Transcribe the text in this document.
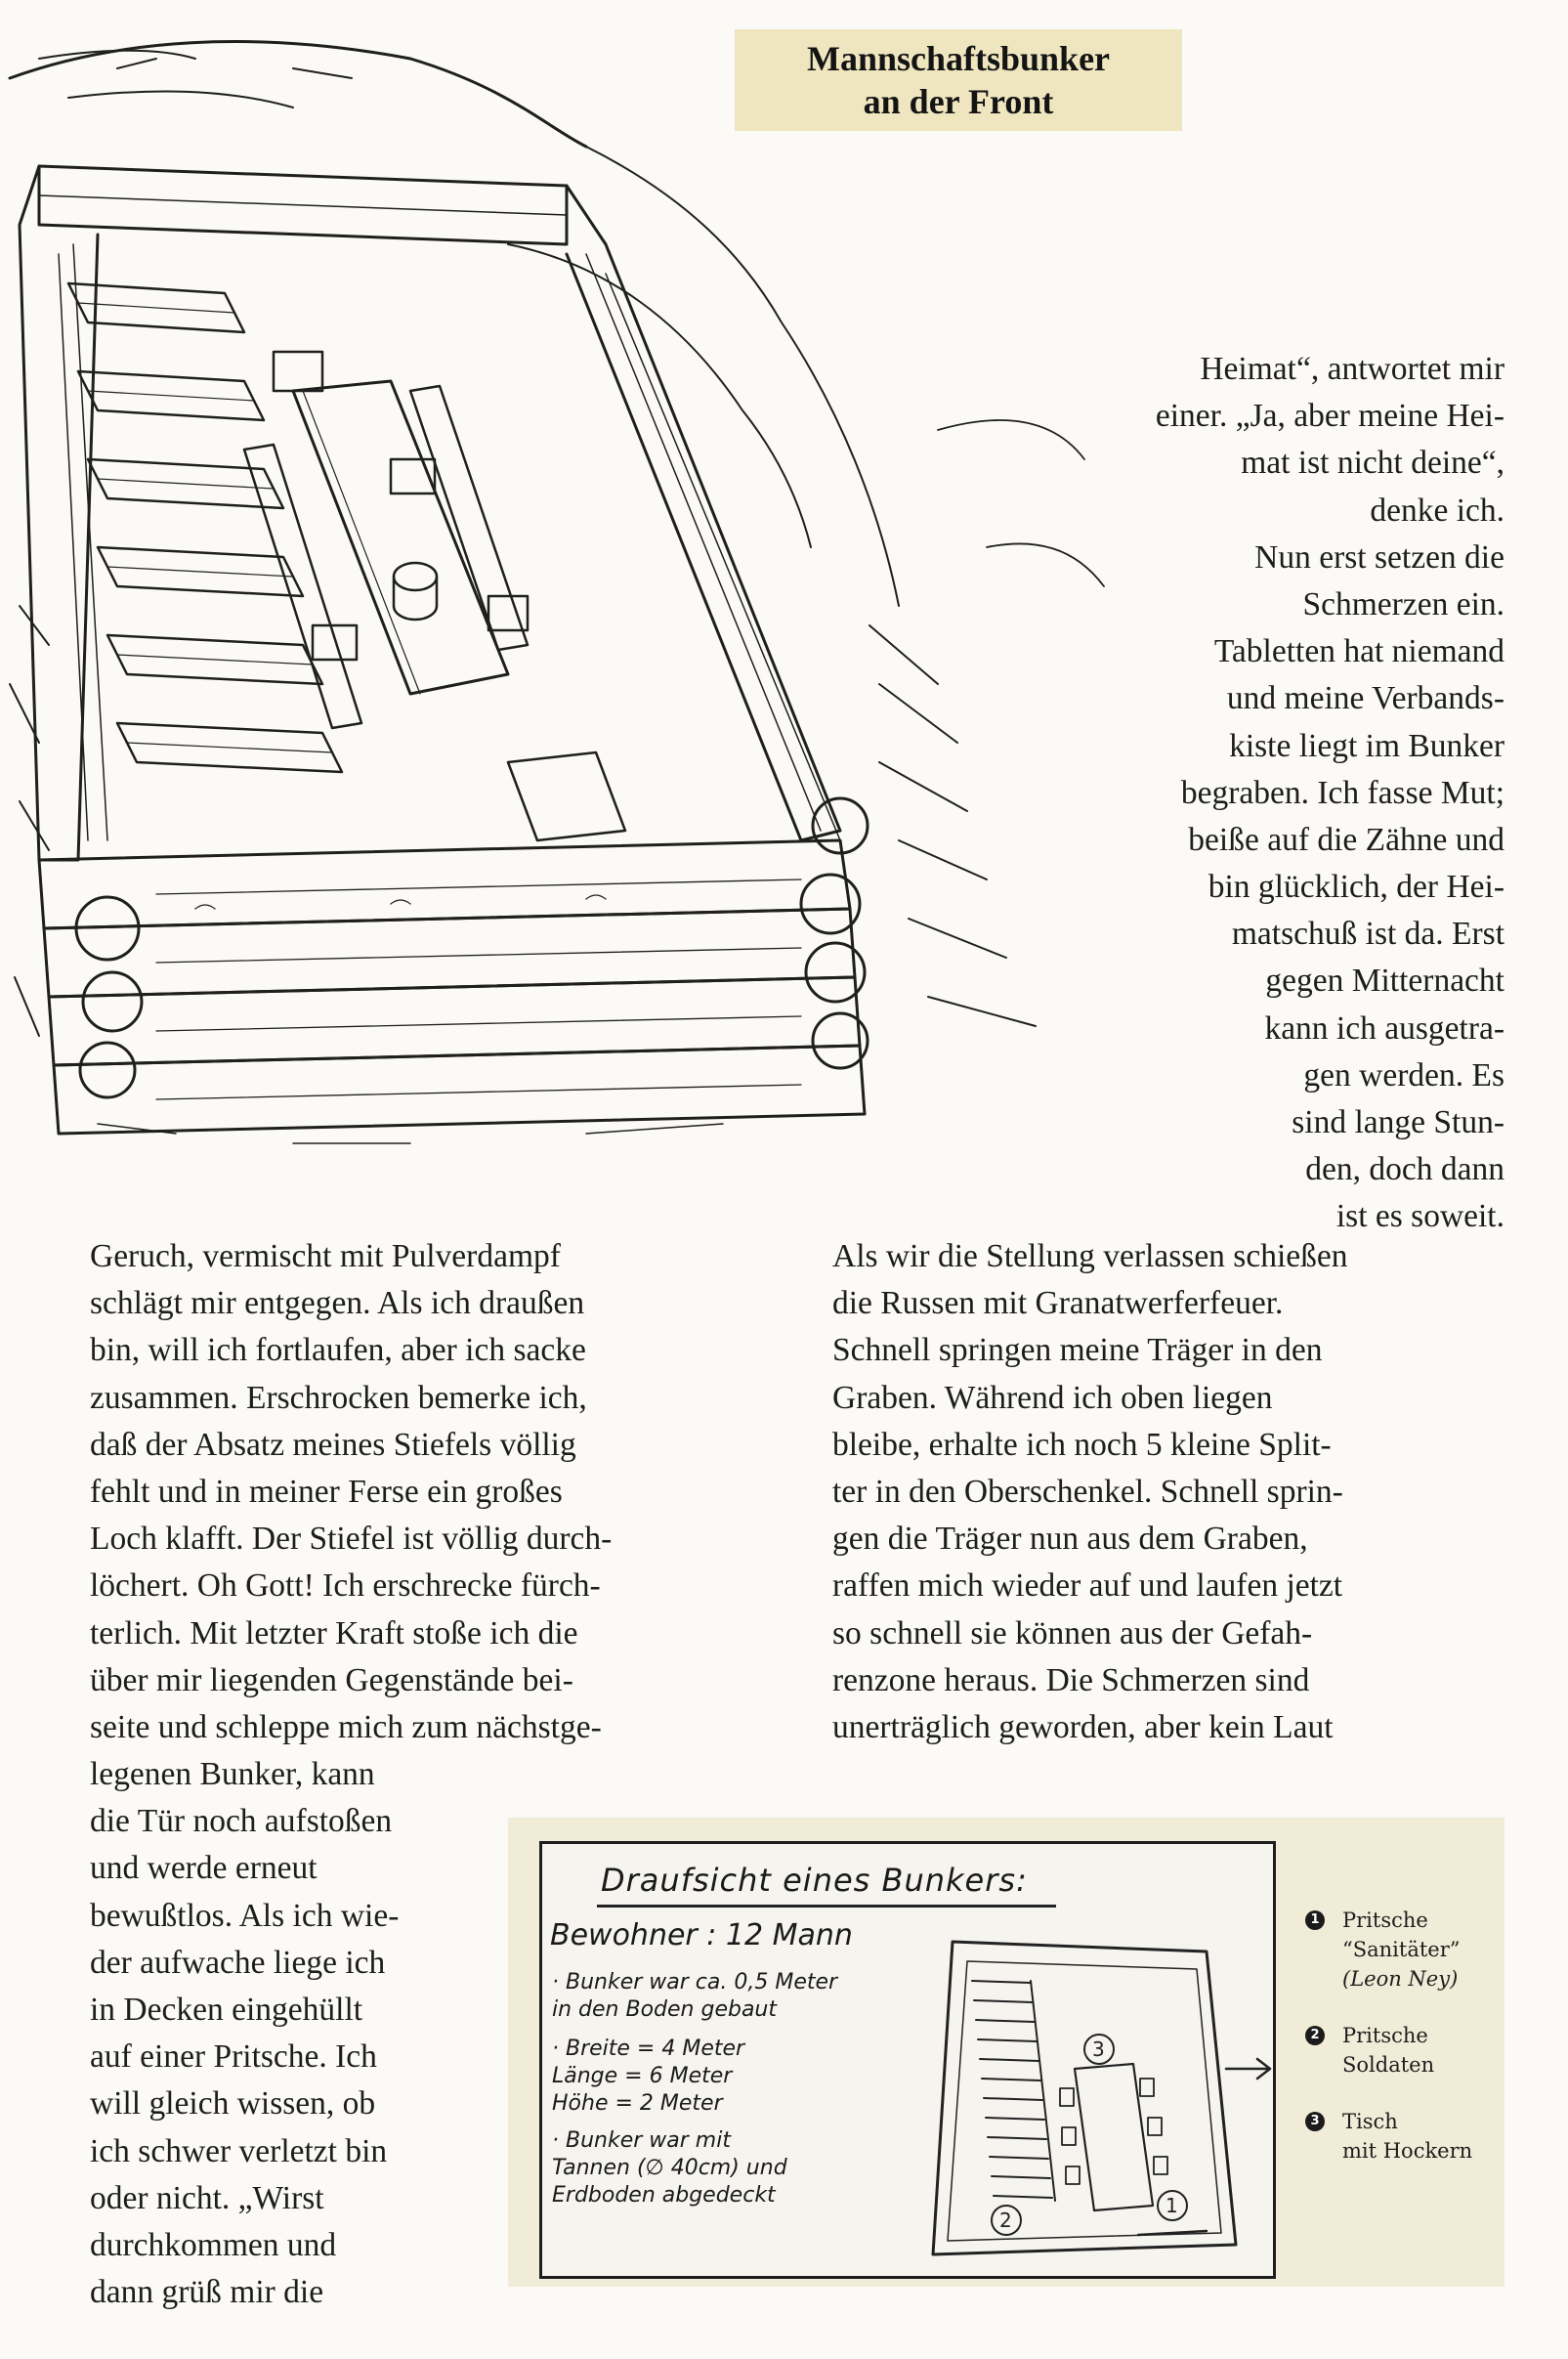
Mannschaftsbunker
an der Front
Heimat“, antwortet mir
einer. „Ja, aber meine Hei-
mat ist nicht deine“,
denke ich.
Nun erst setzen die
Schmerzen ein.
Tabletten hat niemand
und meine Verbands-
kiste liegt im Bunker
begraben. Ich fasse Mut;
beiße auf die Zähne und
bin glücklich, der Hei-
matschuß ist da. Erst
gegen Mitternacht
kann ich ausgetra-
gen werden. Es
sind lange Stun-
den, doch dann
ist es soweit.
Geruch, vermischt mit Pulverdampf
schlägt mir entgegen. Als ich draußen
bin, will ich fortlaufen, aber ich sacke
zusammen. Erschrocken bemerke ich,
daß der Absatz meines Stiefels völlig
fehlt und in meiner Ferse ein großes
Loch klafft. Der Stiefel ist völlig durch-
löchert. Oh Gott! Ich erschrecke fürch-
terlich. Mit letzter Kraft stoße ich die
über mir liegenden Gegenstände bei-
seite und schleppe mich zum nächstge-
legenen Bunker, kann
die Tür noch aufstoßen
und werde erneut
bewußtlos. Als ich wie-
der aufwache liege ich
in Decken eingehüllt
auf einer Pritsche. Ich
will gleich wissen, ob
ich schwer verletzt bin
oder nicht. „Wirst
durchkommen und
dann grüß mir die
Als wir die Stellung verlassen schießen
die Russen mit Granatwerferfeuer.
Schnell springen meine Träger in den
Graben. Während ich oben liegen
bleibe, erhalte ich noch 5 kleine Split-
ter in den Oberschenkel. Schnell sprin-
gen die Träger nun aus dem Graben,
raffen mich wieder auf und laufen jetzt
so schnell sie können aus der Gefah-
renzone heraus. Die Schmerzen sind
unerträglich geworden, aber kein Laut
Draufsicht eines Bunkers:
Bewohner : 12 Mann
· Bunker war ca. 0,5 Meter
in den Boden gebaut
· Breite = 4 Meter
Länge = 6 Meter
Höhe = 2 Meter
· Bunker war mit
Tannen (∅ 40cm) und
Erdboden abgedeckt
3
2
1
1 Pritsche
“Sanitäter”
(Leon Ney)
2 Pritsche
Soldaten
3 Tisch
mit Hockern
